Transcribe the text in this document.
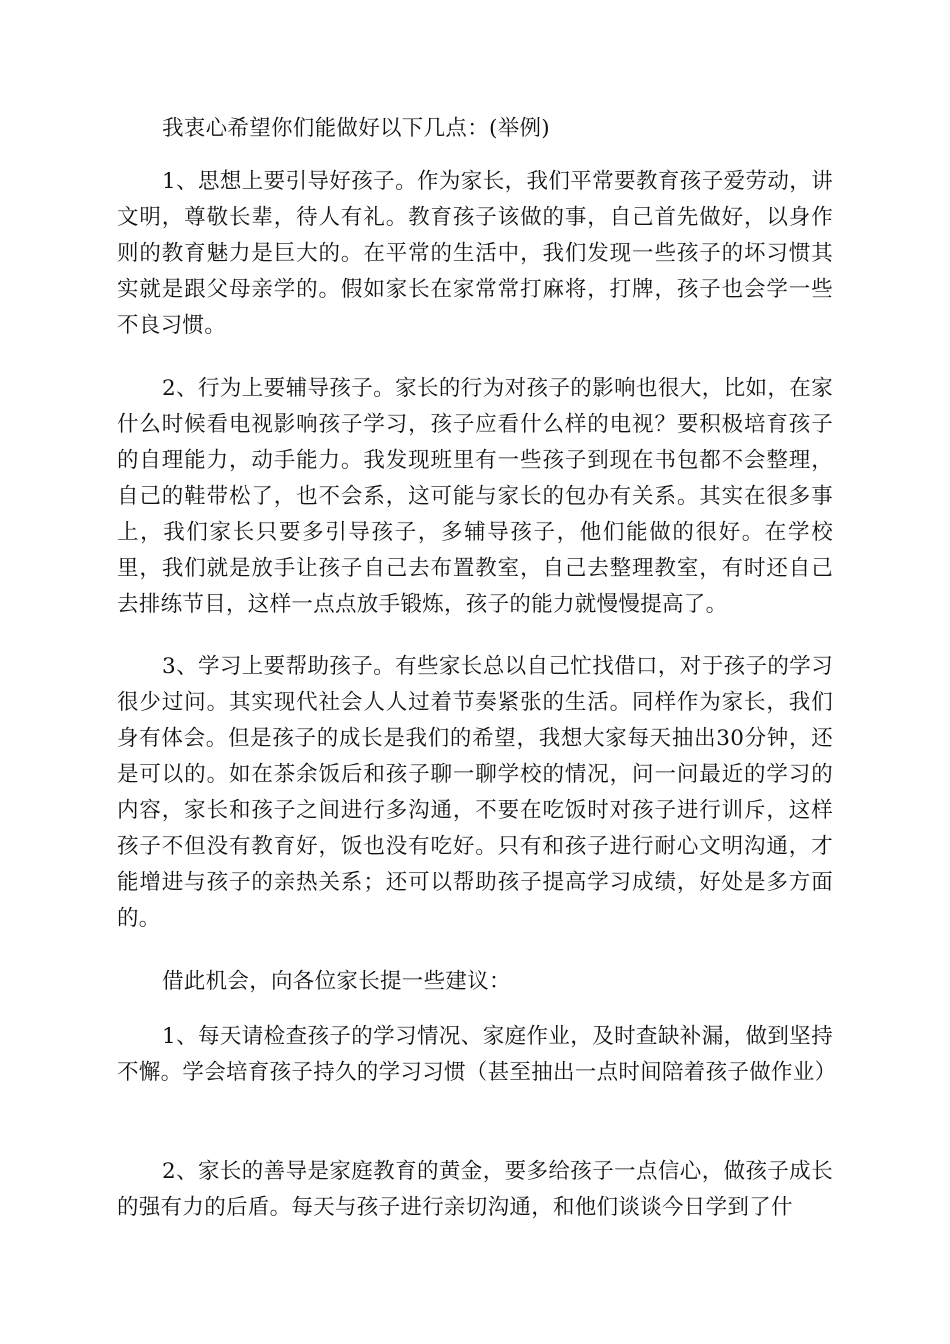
我衷心希望你们能做好以下几点：(举例)

1、思想上要引导好孩子。作为家长，我们平常要教育孩子爱劳动，讲文明，尊敬长辈，待人有礼。教育孩子该做的事，自己首先做好，以身作则的教育魅力是巨大的。在平常的生活中，我们发现一些孩子的坏习惯其实就是跟父母亲学的。假如家长在家常常打麻将，打牌，孩子也会学一些不良习惯。

2、行为上要辅导孩子。家长的行为对孩子的影响也很大，比如，在家什么时候看电视影响孩子学习，孩子应看什么样的电视？要积极培育孩子的自理能力，动手能力。我发现班里有一些孩子到现在书包都不会整理，自己的鞋带松了，也不会系，这可能与家长的包办有关系。其实在很多事上，我们家长只要多引导孩子，多辅导孩子，他们能做的很好。在学校里，我们就是放手让孩子自己去布置教室，自己去整理教室，有时还自己去排练节目，这样一点点放手锻炼，孩子的能力就慢慢提高了。

3、学习上要帮助孩子。有些家长总以自己忙找借口，对于孩子的学习很少过问。其实现代社会人人过着节奏紧张的生活。同样作为家长，我们身有体会。但是孩子的成长是我们的希望，我想大家每天抽出30分钟，还是可以的。如在茶余饭后和孩子聊一聊学校的情况，问一问最近的学习的内容，家长和孩子之间进行多沟通，不要在吃饭时对孩子进行训斥，这样孩子不但没有教育好，饭也没有吃好。只有和孩子进行耐心文明沟通，才能增进与孩子的亲热关系；还可以帮助孩子提高学习成绩，好处是多方面的。

借此机会，向各位家长提一些建议：

1、每天请检查孩子的学习情况、家庭作业，及时查缺补漏，做到坚持不懈。学会培育孩子持久的学习习惯（甚至抽出一点时间陪着孩子做作业）

2、家长的善导是家庭教育的黄金，要多给孩子一点信心，做孩子成长的强有力的后盾。每天与孩子进行亲切沟通，和他们谈谈今日学到了什
